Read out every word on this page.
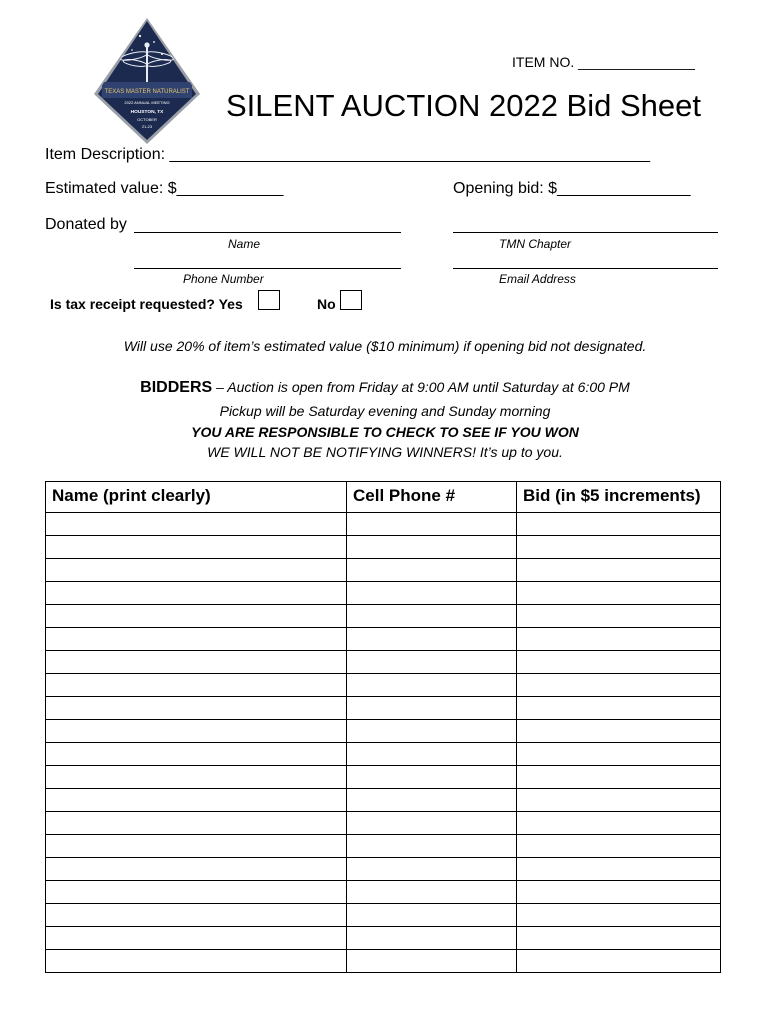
TEXAS MASTER NATURALIST
2022 ANNUAL MEETING
HOUSTON, TX
OCTOBER
21-23
ITEM NO. _______________
SILENT AUCTION 2022 Bid Sheet
Item Description: ______________________________________________________
Estimated value: $____________	Opening bid: $_______________
Donated by
Name	TMN Chapter
Phone Number	Email Address
Is tax receipt requested? Yes	No
Will use 20% of item’s estimated value ($10 minimum) if opening bid not designated.
BIDDERS – Auction is open from Friday at 9:00 AM until Saturday at 6:00 PM
Pickup will be Saturday evening and Sunday morning
YOU ARE RESPONSIBLE TO CHECK TO SEE IF YOU WON
WE WILL NOT BE NOTIFYING WINNERS! It’s up to you.
Name (print clearly)	Cell Phone #	Bid (in $5 increments)
